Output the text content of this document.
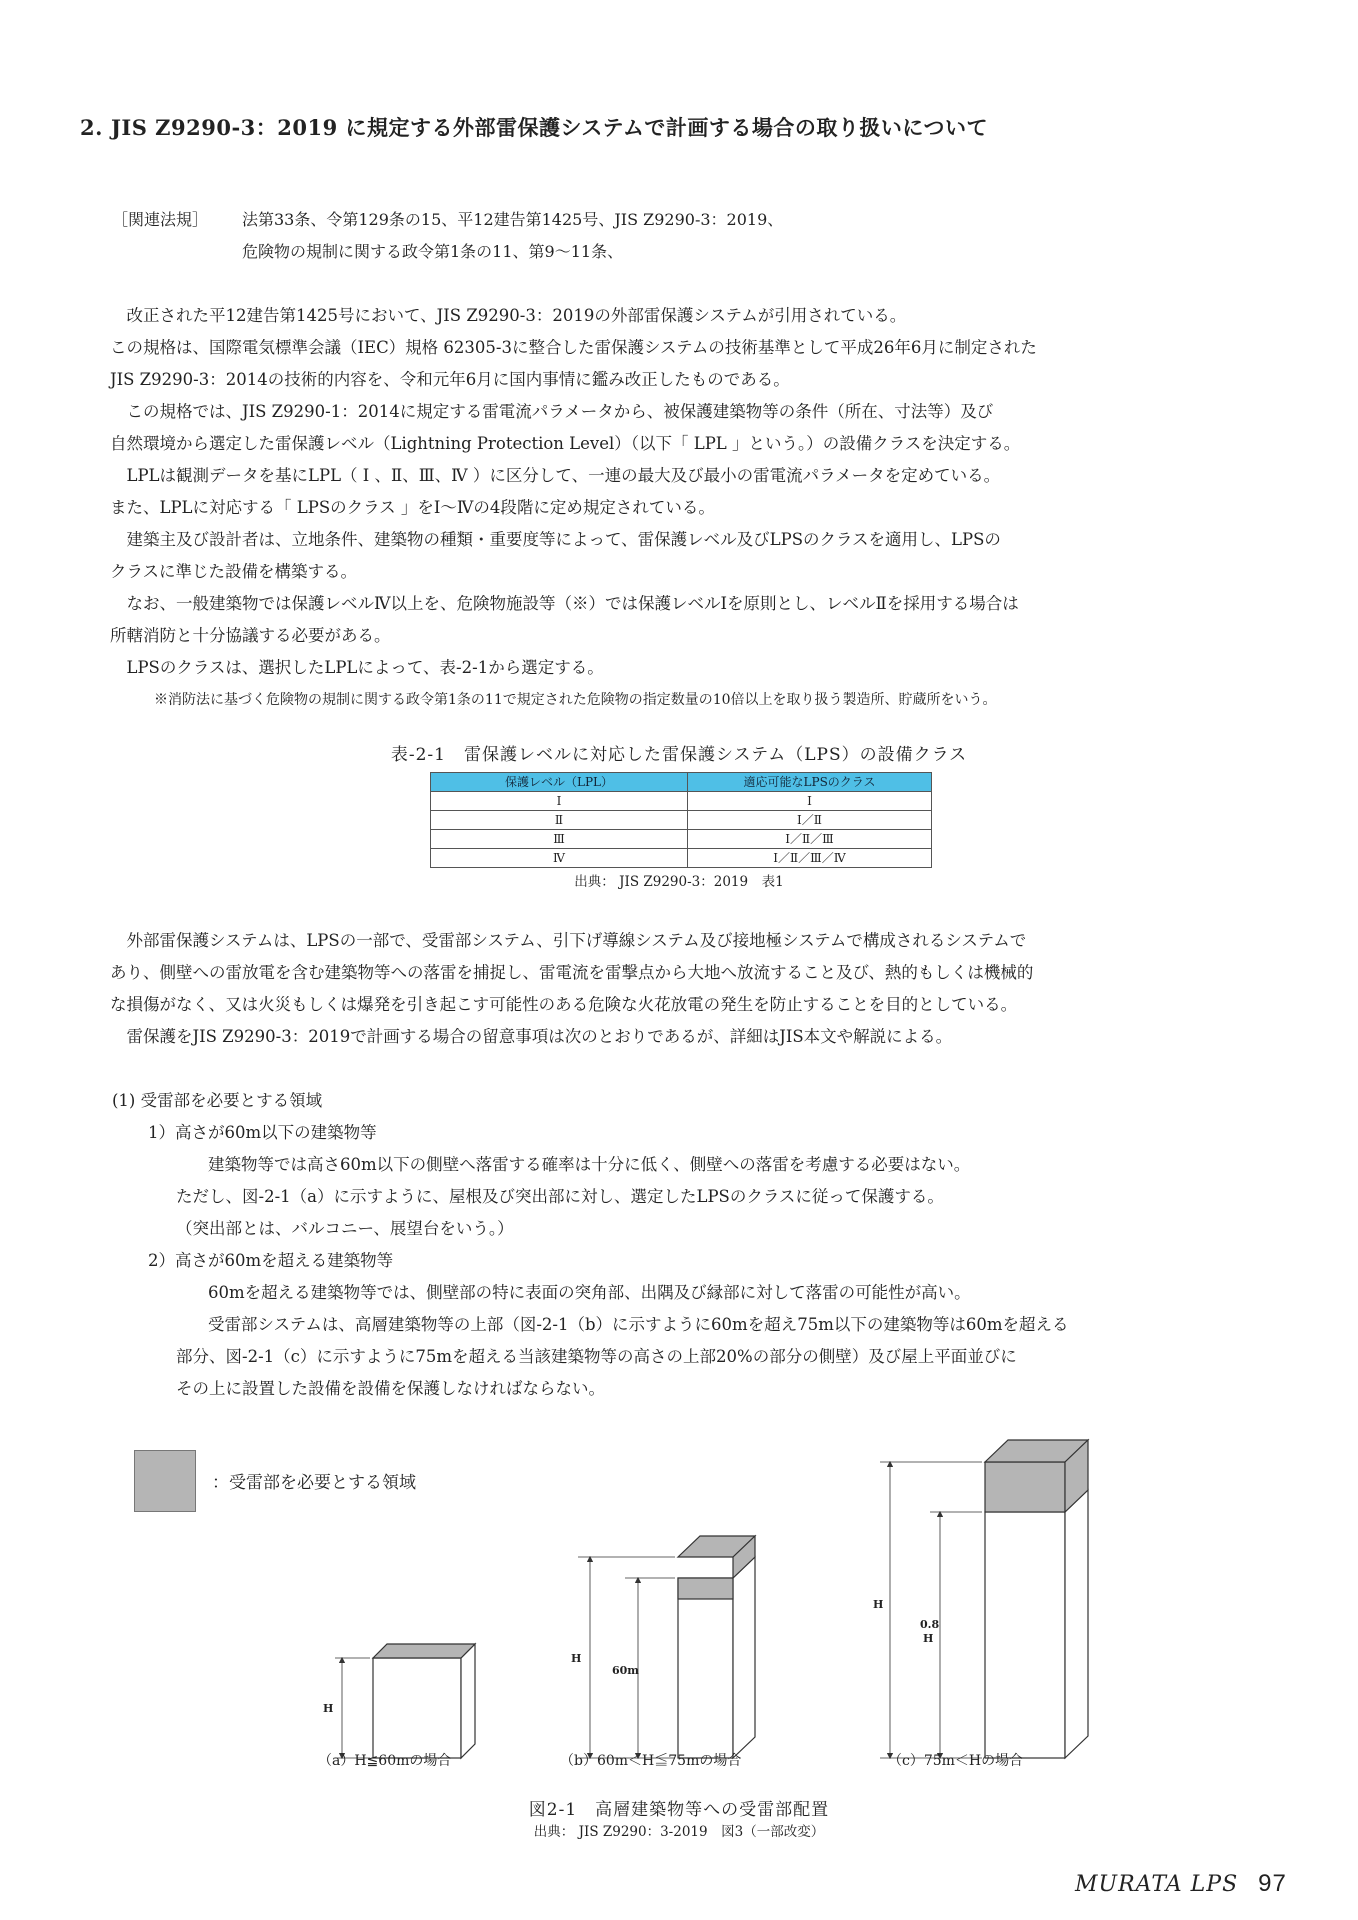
2. JIS Z9290-3：2019 に規定する外部雷保護システムで計画する場合の取り扱いについて
［関連法規］	法第33条、令第129条の15、平12建告第1425号、JIS Z9290-3：2019、
危険物の規制に関する政令第1条の11、第9～11条、

改正された平12建告第1425号において、JIS Z9290-3：2019の外部雷保護システムが引用されている。

この規格は、国際電気標準会議（IEC）規格 62305-3に整合した雷保護システムの技術基準として平成26年6月に制定された

JIS Z9290-3：2014の技術的内容を、令和元年6月に国内事情に鑑み改正したものである。

この規格では、JIS Z9290-1：2014に規定する雷電流パラメータから、被保護建築物等の条件（所在、寸法等）及び

自然環境から選定した雷保護レベル（Lightning Protection Level）（以下「 LPL 」という。）の設備クラスを決定する。

LPLは観測データを基にLPL（ Ⅰ 、Ⅱ、Ⅲ、Ⅳ ）に区分して、一連の最大及び最小の雷電流パラメータを定めている。

また、LPLに対応する「 LPSのクラス 」をⅠ～Ⅳの4段階に定め規定されている。

建築主及び設計者は、立地条件、建築物の種類・重要度等によって、雷保護レベル及びLPSのクラスを適用し、LPSの

クラスに準じた設備を構築する。

なお、一般建築物では保護レベルⅣ以上を、危険物施設等（※）では保護レベルⅠを原則とし、レベルⅡを採用する場合は

所轄消防と十分協議する必要がある。

LPSのクラスは、選択したLPLによって、表-2-1から選定する。

※消防法に基づく危険物の規制に関する政令第1条の11で規定された危険物の指定数量の10倍以上を取り扱う製造所、貯蔵所をいう。

表-2-1　雷保護レベルに対応した雷保護システム（LPS）の設備クラス
保護レベル（LPL）	適応可能なLPSのクラス
Ⅰ	Ⅰ
Ⅱ	Ⅰ／Ⅱ
Ⅲ	Ⅰ／Ⅱ／Ⅲ
Ⅳ	Ⅰ／Ⅱ／Ⅲ／Ⅳ
出典： JIS Z9290-3：2019　表1

外部雷保護システムは、LPSの一部で、受雷部システム、引下げ導線システム及び接地極システムで構成されるシステムで

あり、側壁への雷放電を含む建築物等への落雷を捕捉し、雷電流を雷撃点から大地へ放流すること及び、熱的もしくは機械的

な損傷がなく、又は火災もしくは爆発を引き起こす可能性のある危険な火花放電の発生を防止することを目的としている。

雷保護をJIS Z9290-3：2019で計画する場合の留意事項は次のとおりであるが、詳細はJIS本文や解説による。

(1) 受雷部を必要とする領域

1）高さが60m以下の建築物等

建築物等では高さ60m以下の側壁へ落雷する確率は十分に低く、側壁への落雷を考慮する必要はない。

ただし、図-2-1（a）に示すように、屋根及び突出部に対し、選定したLPSのクラスに従って保護する。

（突出部とは、バルコニー、展望台をいう。）

2）高さが60mを超える建築物等

60mを超える建築物等では、側壁部の特に表面の突角部、出隅及び縁部に対して落雷の可能性が高い。

受雷部システムは、高層建築物等の上部（図-2-1（b）に示すように60mを超え75m以下の建築物等は60mを超える

部分、図-2-1（c）に示すように75mを超える当該建築物等の高さの上部20%の部分の側壁）及び屋上平面並びに

その上に設置した設備を設備を保護しなければならない。

：受雷部を必要とする領域
H
H
60m
H
0.8
H
（a）H≦60mの場合	（b）60m＜H≦75mの場合	（c）75m＜Hの場合
図2-1　高層建築物等への受雷部配置
出典： JIS Z9290：3-2019　図3（一部改変）
MURATA LPS 97
